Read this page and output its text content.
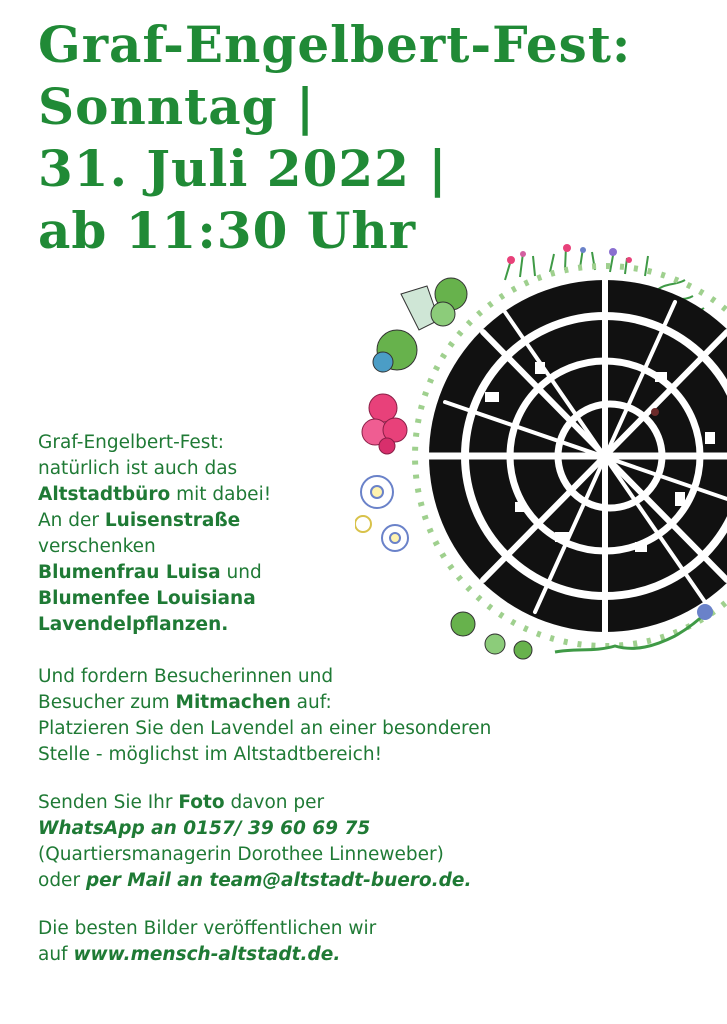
Graf-Engelbert-Fest:
Sonntag |
31. Juli 2022 |
ab 11:30 Uhr

Graf-Engelbert-Fest:

natürlich ist auch das

Altstadtbüro mit dabei!

An der Luisenstraße

verschenken

Blumenfrau Luisa und

Blumenfee Louisiana

Lavendelpflanzen.

Und fordern Besucherinnen und

Besucher zum Mitmachen auf:

Platzieren Sie den Lavendel an einer besonderen

Stelle - möglichst im Altstadtbereich!

Senden Sie Ihr Foto davon per

WhatsApp an 0157/ 39 60 69 75

(Quartiersmanagerin Dorothee Linneweber)

oder per Mail an team@altstadt-buero.de.

Die besten Bilder veröffentlichen wir

auf www.mensch-altstadt.de.
